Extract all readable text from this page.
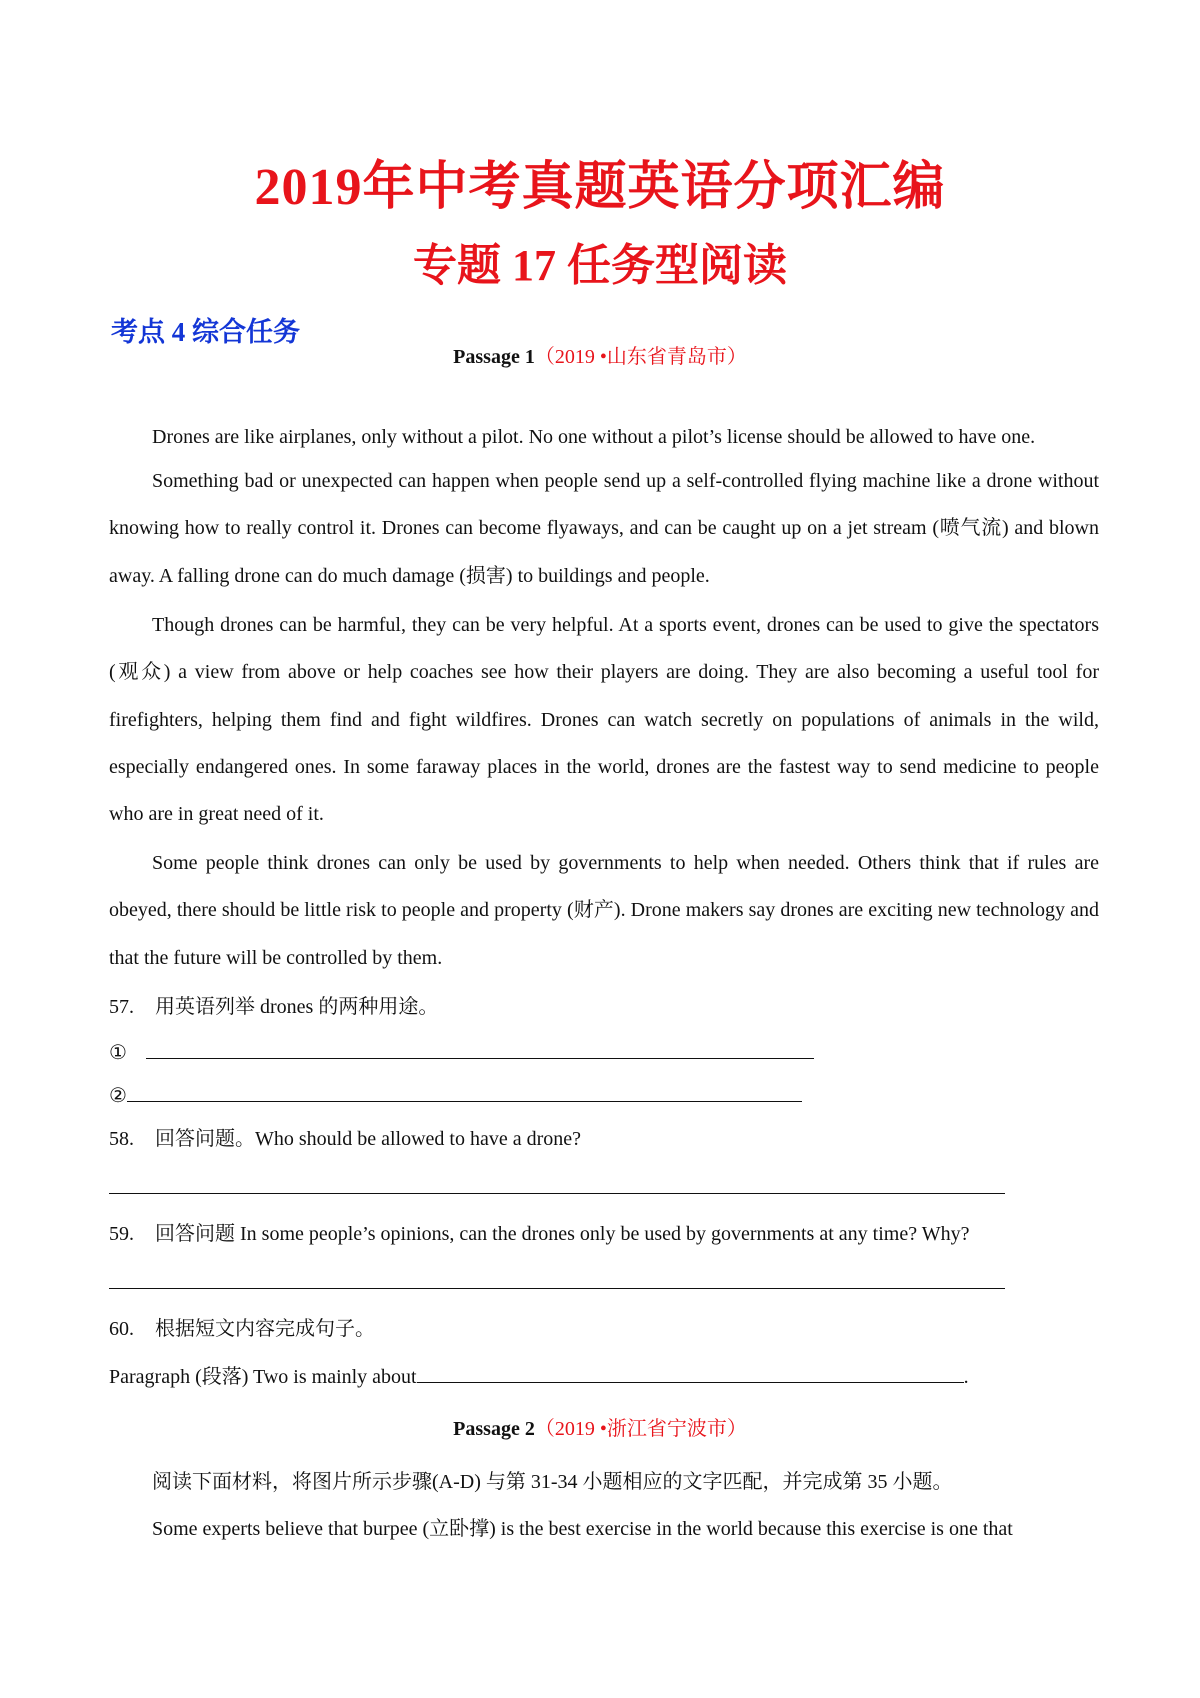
2019年中考真题英语分项汇编
专题 17 任务型阅读
考点 4 综合任务
Passage 1（2019 •山东省青岛市）
Drones are like airplanes, only without a pilot. No one without a pilot’s license should be allowed to have one.
Something bad or unexpected can happen when people send up a self-controlled flying machine like a drone without knowing how to really control it. Drones can become flyaways, and can be caught up on a jet stream (喷气流) and blown away. A falling drone can do much damage (损害) to buildings and people.
Though drones can be harmful, they can be very helpful. At a sports event, drones can be used to give the spectators (观众) a view from above or help coaches see how their players are doing. They are also becoming a useful tool for firefighters, helping them find and fight wildfires. Drones can watch secretly on populations of animals in the wild, especially endangered ones. In some faraway places in the world, drones are the fastest way to send medicine to people who are in great need of it.
Some people think drones can only be used by governments to help when needed. Others think that if rules are obeyed, there should be little risk to people and property (财产). Drone makers say drones are exciting new technology and that the future will be controlled by them.
57. 用英语列举 drones 的两种用途。
①
②
58. 回答问题。Who should be allowed to have a drone?
59. 回答问题 In some people’s opinions, can the drones only be used by governments at any time? Why?
60. 根据短文内容完成句子。
Paragraph (段落) Two is mainly about	.
Passage 2（2019 •浙江省宁波市）
阅读下面材料，将图片所示步骤(A-D) 与第 31-34 小题相应的文字匹配，并完成第 35 小题。
Some experts believe that burpee (立卧撑) is the best exercise in the world because this exercise is one that
